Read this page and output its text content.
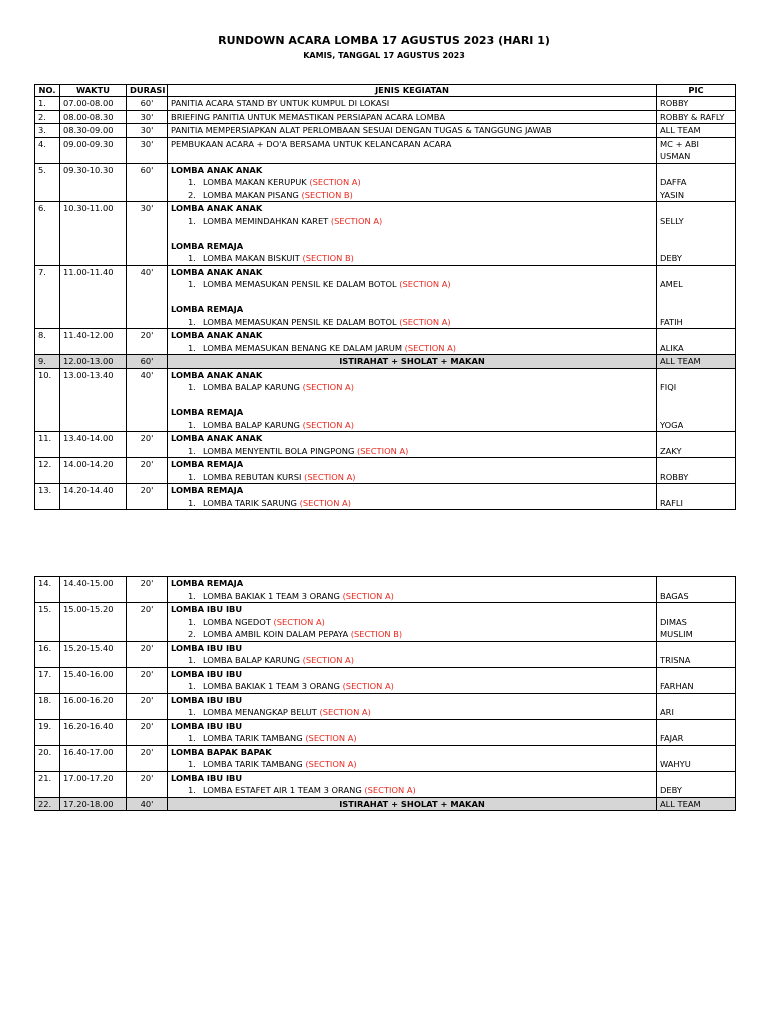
RUNDOWN ACARA LOMBA 17 AGUSTUS 2023 (HARI 1)
KAMIS, TANGGAL 17 AGUSTUS 2023
NO.	WAKTU	DURASI	JENIS KEGIATAN	PIC
1.	07.00-08.00	60'	PANITIA ACARA STAND BY UNTUK KUMPUL DI LOKASI	ROBBY

2.	08.00-08.30	30'	BRIEFING PANITIA UNTUK MEMASTIKAN PERSIAPAN ACARA LOMBA	ROBBY & RAFLY

3.	08.30-09.00	30'	PANITIA MEMPERSIAPKAN ALAT PERLOMBAAN SESUAI DENGAN TUGAS & TANGGUNG JAWAB	ALL TEAM

4.	09.00-09.30	30'	PEMBUKAAN ACARA + DO'A BERSAMA UNTUK KELANCARAN ACARA	MC + ABI
USMAN

5.	09.30-10.30	60'	LOMBA ANAK ANAK
1. LOMBA MAKAN KERUPUK (SECTION A)
2. LOMBA MAKAN PISANG (SECTION B)	DAFFA
YASIN

6.	10.30-11.00	30'	LOMBA ANAK ANAK
1. LOMBA MEMINDAHKAN KARET (SECTION A)
LOMBA REMAJA
1. LOMBA MAKAN BISKUIT (SECTION B)	SELLY

DEBY

7.	11.00-11.40	40'	LOMBA ANAK ANAK
1. LOMBA MEMASUKAN PENSIL KE DALAM BOTOL (SECTION A)
LOMBA REMAJA
1. LOMBA MEMASUKAN PENSIL KE DALAM BOTOL (SECTION A)	AMEL

FATIH

8.	11.40-12.00	20'	LOMBA ANAK ANAK
1. LOMBA MEMASUKAN BENANG KE DALAM JARUM (SECTION A)	ALIKA

9.	12.00-13.00	60'	ISTIRAHAT + SHOLAT + MAKAN	ALL TEAM

10.	13.00-13.40	40'	LOMBA ANAK ANAK
1. LOMBA BALAP KARUNG (SECTION A)
LOMBA REMAJA
1. LOMBA BALAP KARUNG (SECTION A)	FIQI

YOGA

11.	13.40-14.00	20'	LOMBA ANAK ANAK
1. LOMBA MENYENTIL BOLA PINGPONG (SECTION A)	ZAKY

12.	14.00-14.20	20'	LOMBA REMAJA
1. LOMBA REBUTAN KURSI (SECTION A)	ROBBY

13.	14.20-14.40	20'	LOMBA REMAJA
1. LOMBA TARIK SARUNG (SECTION A)	RAFLI
14.	14.40-15.00	20'	LOMBA REMAJA
1. LOMBA BAKIAK 1 TEAM 3 ORANG (SECTION A)	BAGAS

15.	15.00-15.20	20'	LOMBA IBU IBU
1. LOMBA NGEDOT (SECTION A)
2. LOMBA AMBIL KOIN DALAM PEPAYA (SECTION B)	DIMAS
MUSLIM

16.	15.20-15.40	20'	LOMBA IBU IBU
1. LOMBA BALAP KARUNG (SECTION A)	TRISNA

17.	15.40-16.00	20'	LOMBA IBU IBU
1. LOMBA BAKIAK 1 TEAM 3 ORANG (SECTION A)	FARHAN

18.	16.00-16.20	20'	LOMBA IBU IBU
1. LOMBA MENANGKAP BELUT (SECTION A)	ARI

19.	16.20-16.40	20'	LOMBA IBU IBU
1. LOMBA TARIK TAMBANG (SECTION A)	FAJAR

20.	16.40-17.00	20'	LOMBA BAPAK BAPAK
1. LOMBA TARIK TAMBANG (SECTION A)	WAHYU

21.	17.00-17.20	20'	LOMBA IBU IBU
1. LOMBA ESTAFET AIR 1 TEAM 3 ORANG (SECTION A)	DEBY

22.	17.20-18.00	40'	ISTIRAHAT + SHOLAT + MAKAN	ALL TEAM
